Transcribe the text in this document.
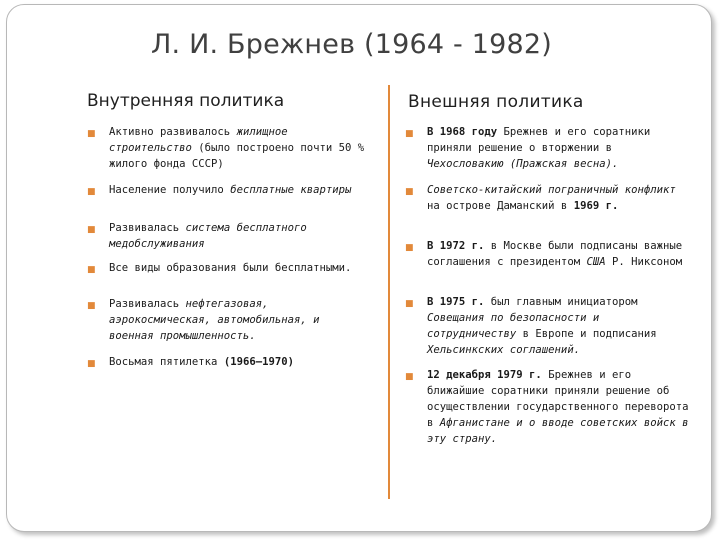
Л. И. Брежнев (1964 - 1982)
Внутренняя политика	Внешняя политика
■ Активно развивалось жилищное строительство (было построено почти 50 % жилого фонда СССР)
■ Население получило бесплатные квартиры
■ Развивалась система бесплатного медобслуживания
■ Все виды образования были бесплатными.
■ Развивалась нефтегазовая, аэрокосмическая, автомобильная, и военная промышленность.
■ Восьмая пятилетка (1966—1970)
■ В 1968 году Брежнев и его соратники приняли решение о вторжении в Чехословакию (Пражская весна).
■ Советско-китайский пограничный конфликт на острове Даманский в 1969 г.
■ В 1972 г. в Москве были подписаны важные соглашения с президентом США Р. Никсоном
■ В 1975 г. был главным инициатором Совещания по безопасности и сотрудничеству в Европе и подписания Хельсинкских соглашений.
■ 12 декабря 1979 г. Брежнев и его ближайшие соратники приняли решение об осуществлении государственного переворота в Афганистане и о вводе советских войск в эту страну.
